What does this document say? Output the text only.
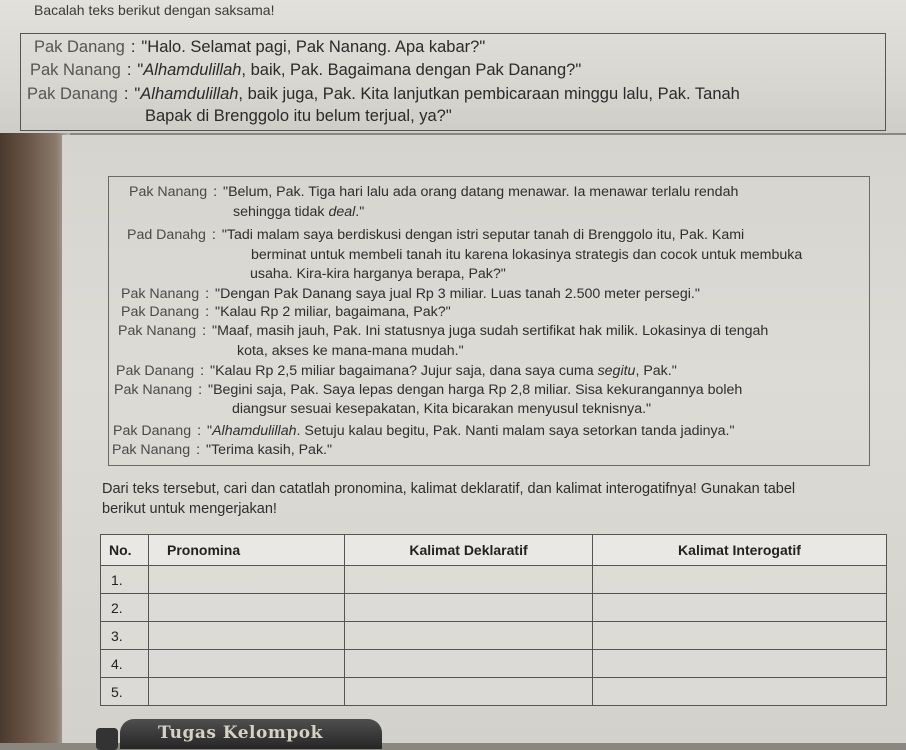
Bacalah teks berikut dengan saksama!
Pak Danang : "Halo. Selamat pagi, Pak Nanang. Apa kabar?"
Pak Nanang : "Alhamdulillah, baik, Pak. Bagaimana dengan Pak Danang?"
Pak Danang : "Alhamdulillah, baik juga, Pak. Kita lanjutkan pembicaraan minggu lalu, Pak. Tanah
Bapak di Brenggolo itu belum terjual, ya?"
Pak Nanang : "Belum, Pak. Tiga hari lalu ada orang datang menawar. Ia menawar terlalu rendah
sehingga tidak deal."
Pad Danahg : "Tadi malam saya berdiskusi dengan istri seputar tanah di Brenggolo itu, Pak. Kami
berminat untuk membeli tanah itu karena lokasinya strategis dan cocok untuk membuka
usaha. Kira-kira harganya berapa, Pak?"
Pak Nanang : "Dengan Pak Danang saya jual Rp 3 miliar. Luas tanah 2.500 meter persegi."
Pak Danang : "Kalau Rp 2 miliar, bagaimana, Pak?"
Pak Nanang : "Maaf, masih jauh, Pak. Ini statusnya juga sudah sertifikat hak milik. Lokasinya di tengah
kota, akses ke mana-mana mudah."
Pak Danang : "Kalau Rp 2,5 miliar bagaimana? Jujur saja, dana saya cuma segitu, Pak."
Pak Nanang : "Begini saja, Pak. Saya lepas dengan harga Rp 2,8 miliar. Sisa kekurangannya boleh
diangsur sesuai kesepakatan, Kita bicarakan menyusul teknisnya."
Pak Danang : "Alhamdulillah. Setuju kalau begitu, Pak. Nanti malam saya setorkan tanda jadinya."
Pak Nanang : "Terima kasih, Pak."
Dari teks tersebut, cari dan catatlah pronomina, kalimat deklaratif, dan kalimat interogatifnya! Gunakan tabel
berikut untuk mengerjakan!
No.	Pronomina	Kalimat Deklaratif	Kalimat Interogatif
1.			
2.			
3.			
4.			
5.			
Tugas Kelompok
